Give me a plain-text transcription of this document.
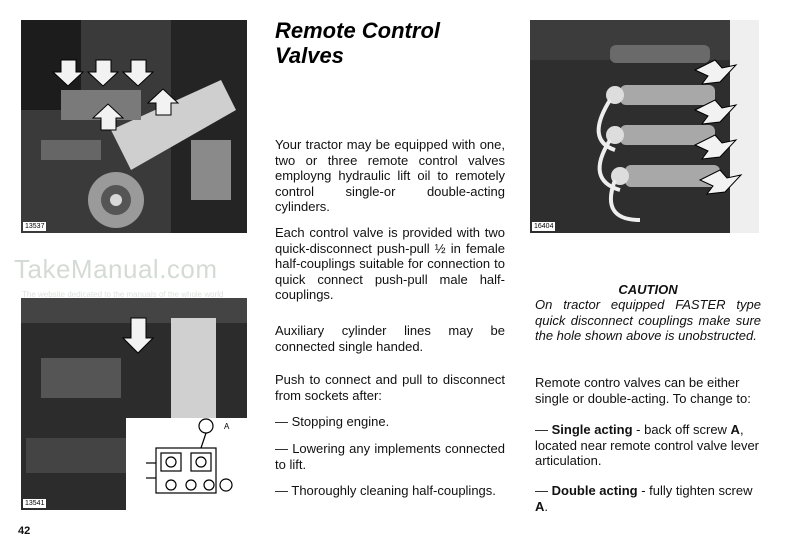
13537	16404
A
13541
TakeManual.com
The website dedicated to the manuals of the whole world
Remote Control
Valves

Your tractor may be equipped with one, two or three remote control valves employng hydraulic lift oil to remotely control single-or double-acting cylinders.

Each control valve is provided with two quick-disconnect push-pull ½ in female half-couplings suitable for connection to quick connect push-pull male half-couplings.

Auxiliary cylinder lines may be connected single handed.

Push to connect and pull to disconnect from sockets after:

— Stopping engine.

— Lowering any implements connected to lift.

— Thoroughly cleaning half-couplings.

CAUTION
On tractor equipped FASTER type quick disconnect couplings make sure the hole shown above is unobstructed.

Remote contro valves can be either single or double-acting. To change to:

— Single acting - back off screw A, located near remote control valve lever articulation.

— Double acting - fully tighten screw A.

42
